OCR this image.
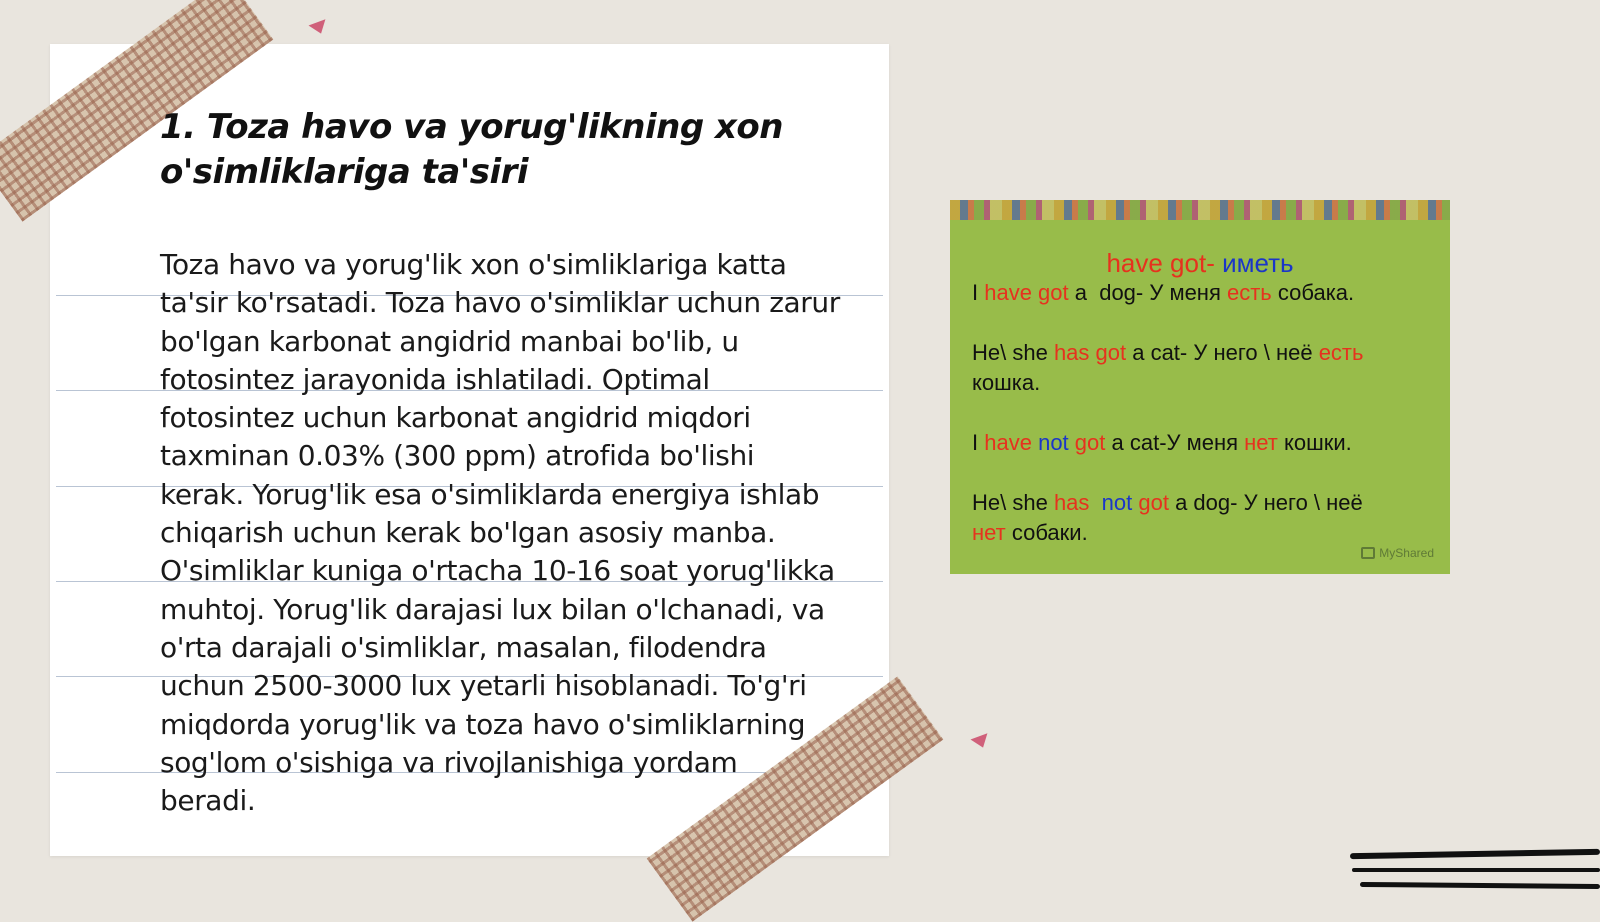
1. Toza havo va yorug'likning xon o'simliklariga ta'siri

Toza havo va yorug'lik xon o'simliklariga katta ta'sir ko'rsatadi. Toza havo o'simliklar uchun zarur bo'lgan karbonat angidrid manbai bo'lib, u fotosintez jarayonida ishlatiladi. Optimal fotosintez uchun karbonat angidrid miqdori taxminan 0.03% (300 ppm) atrofida bo'lishi kerak. Yorug'lik esa o'simliklarda energiya ishlab chiqarish uchun kerak bo'lgan asosiy manba. O'simliklar kuniga o'rtacha 10-16 soat yorug'likka muhtoj. Yorug'lik darajasi lux bilan o'lchanadi, va o'rta darajali o'simliklar, masalan, filodendra uchun 2500-3000 lux yetarli hisoblanadi. To'g'ri miqdorda yorug'lik va toza havo o'simliklarning sog'lom o'sishiga va rivojlanishiga yordam beradi.

have got- иметь

I have got a  dog- У меня есть собака.

He\ she has got a cat- У него \ неё есть

кошка.

I have not got a cat-У меня нет кошки.

He\ she has not got a dog- У него \ неё

нет собаки.

MyShared
